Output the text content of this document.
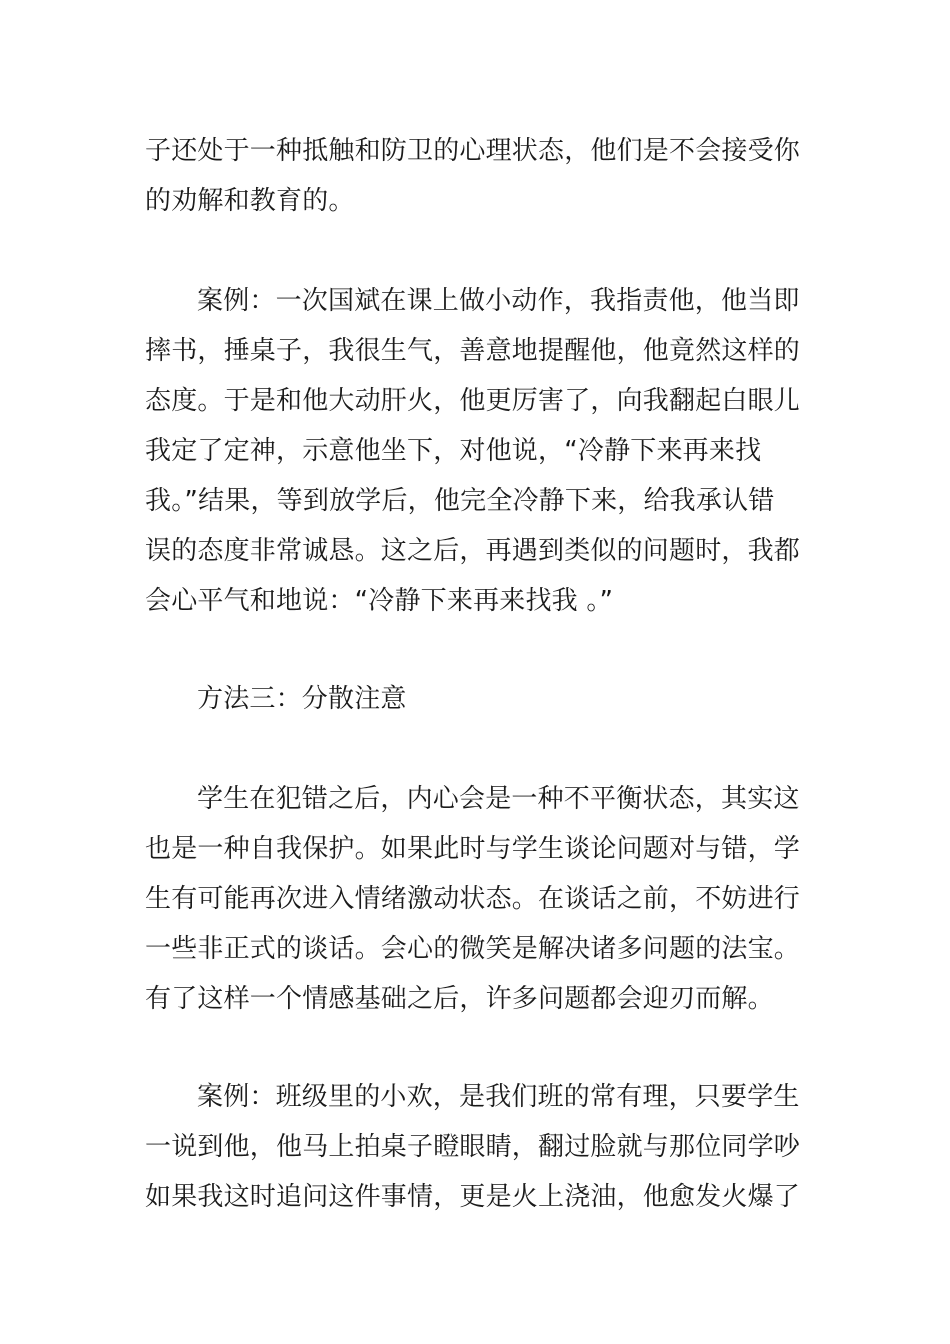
子还处于一种抵触和防卫的心理状态，他们是不会接受你
的劝解和教育的。
案例：一次国斌在课上做小动作，我指责他，他当即
摔书，捶桌子，我很生气，善意地提醒他，他竟然这样的
态度。于是和他大动肝火，他更厉害了，向我翻起白眼儿
我定了定神，示意他坐下，对他说，“冷静下来再来找
我。”结果，等到放学后，他完全冷静下来，给我承认错
误的态度非常诚恳。这之后，再遇到类似的问题时，我都
会心平气和地说：“冷静下来再来找我 。”
方法三：分散注意
学生在犯错之后，内心会是一种不平衡状态，其实这
也是一种自我保护。如果此时与学生谈论问题对与错，学
生有可能再次进入情绪激动状态。在谈话之前，不妨进行
一些非正式的谈话。会心的微笑是解决诸多问题的法宝。
有了这样一个情感基础之后，许多问题都会迎刃而解。
案例：班级里的小欢，是我们班的常有理，只要学生
一说到他，他马上拍桌子瞪眼睛，翻过脸就与那位同学吵
如果我这时追问这件事情，更是火上浇油，他愈发火爆了
